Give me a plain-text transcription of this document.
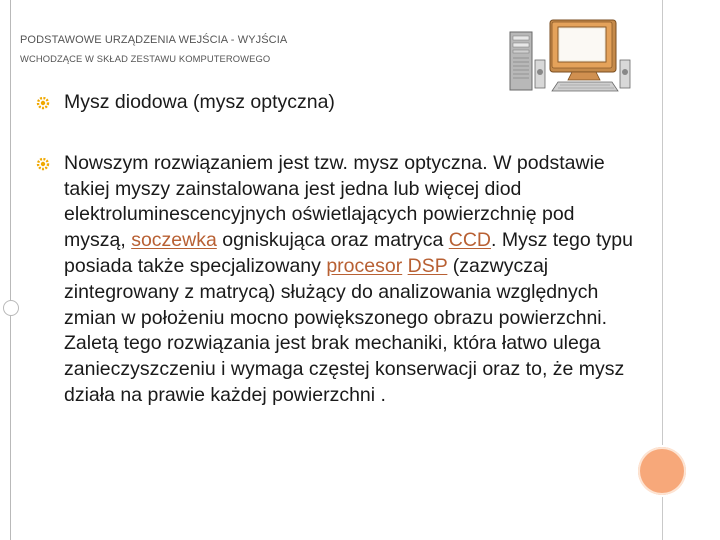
PODSTAWOWE URZĄDZENIA WEJŚCIA - WYJŚCIA
WCHODZĄCE W SKŁAD ZESTAWU KOMPUTEROWEGO
Mysz diodowa (mysz optyczna)
Nowszym rozwiązaniem jest tzw. mysz optyczna. W podstawie takiej myszy zainstalowana jest jedna lub więcej diod elektroluminescencyjnych oświetlających powierzchnię pod myszą, soczewka ogniskująca oraz matryca CCD. Mysz tego typu posiada także specjalizowany procesor DSP (zazwyczaj zintegrowany z matrycą) służący do analizowania względnych zmian w położeniu mocno powiększonego obrazu powierzchni. Zaletą tego rozwiązania jest brak mechaniki, która łatwo ulega zanieczyszczeniu i wymaga częstej konserwacji oraz to, że mysz działa na prawie każdej powierzchni .
